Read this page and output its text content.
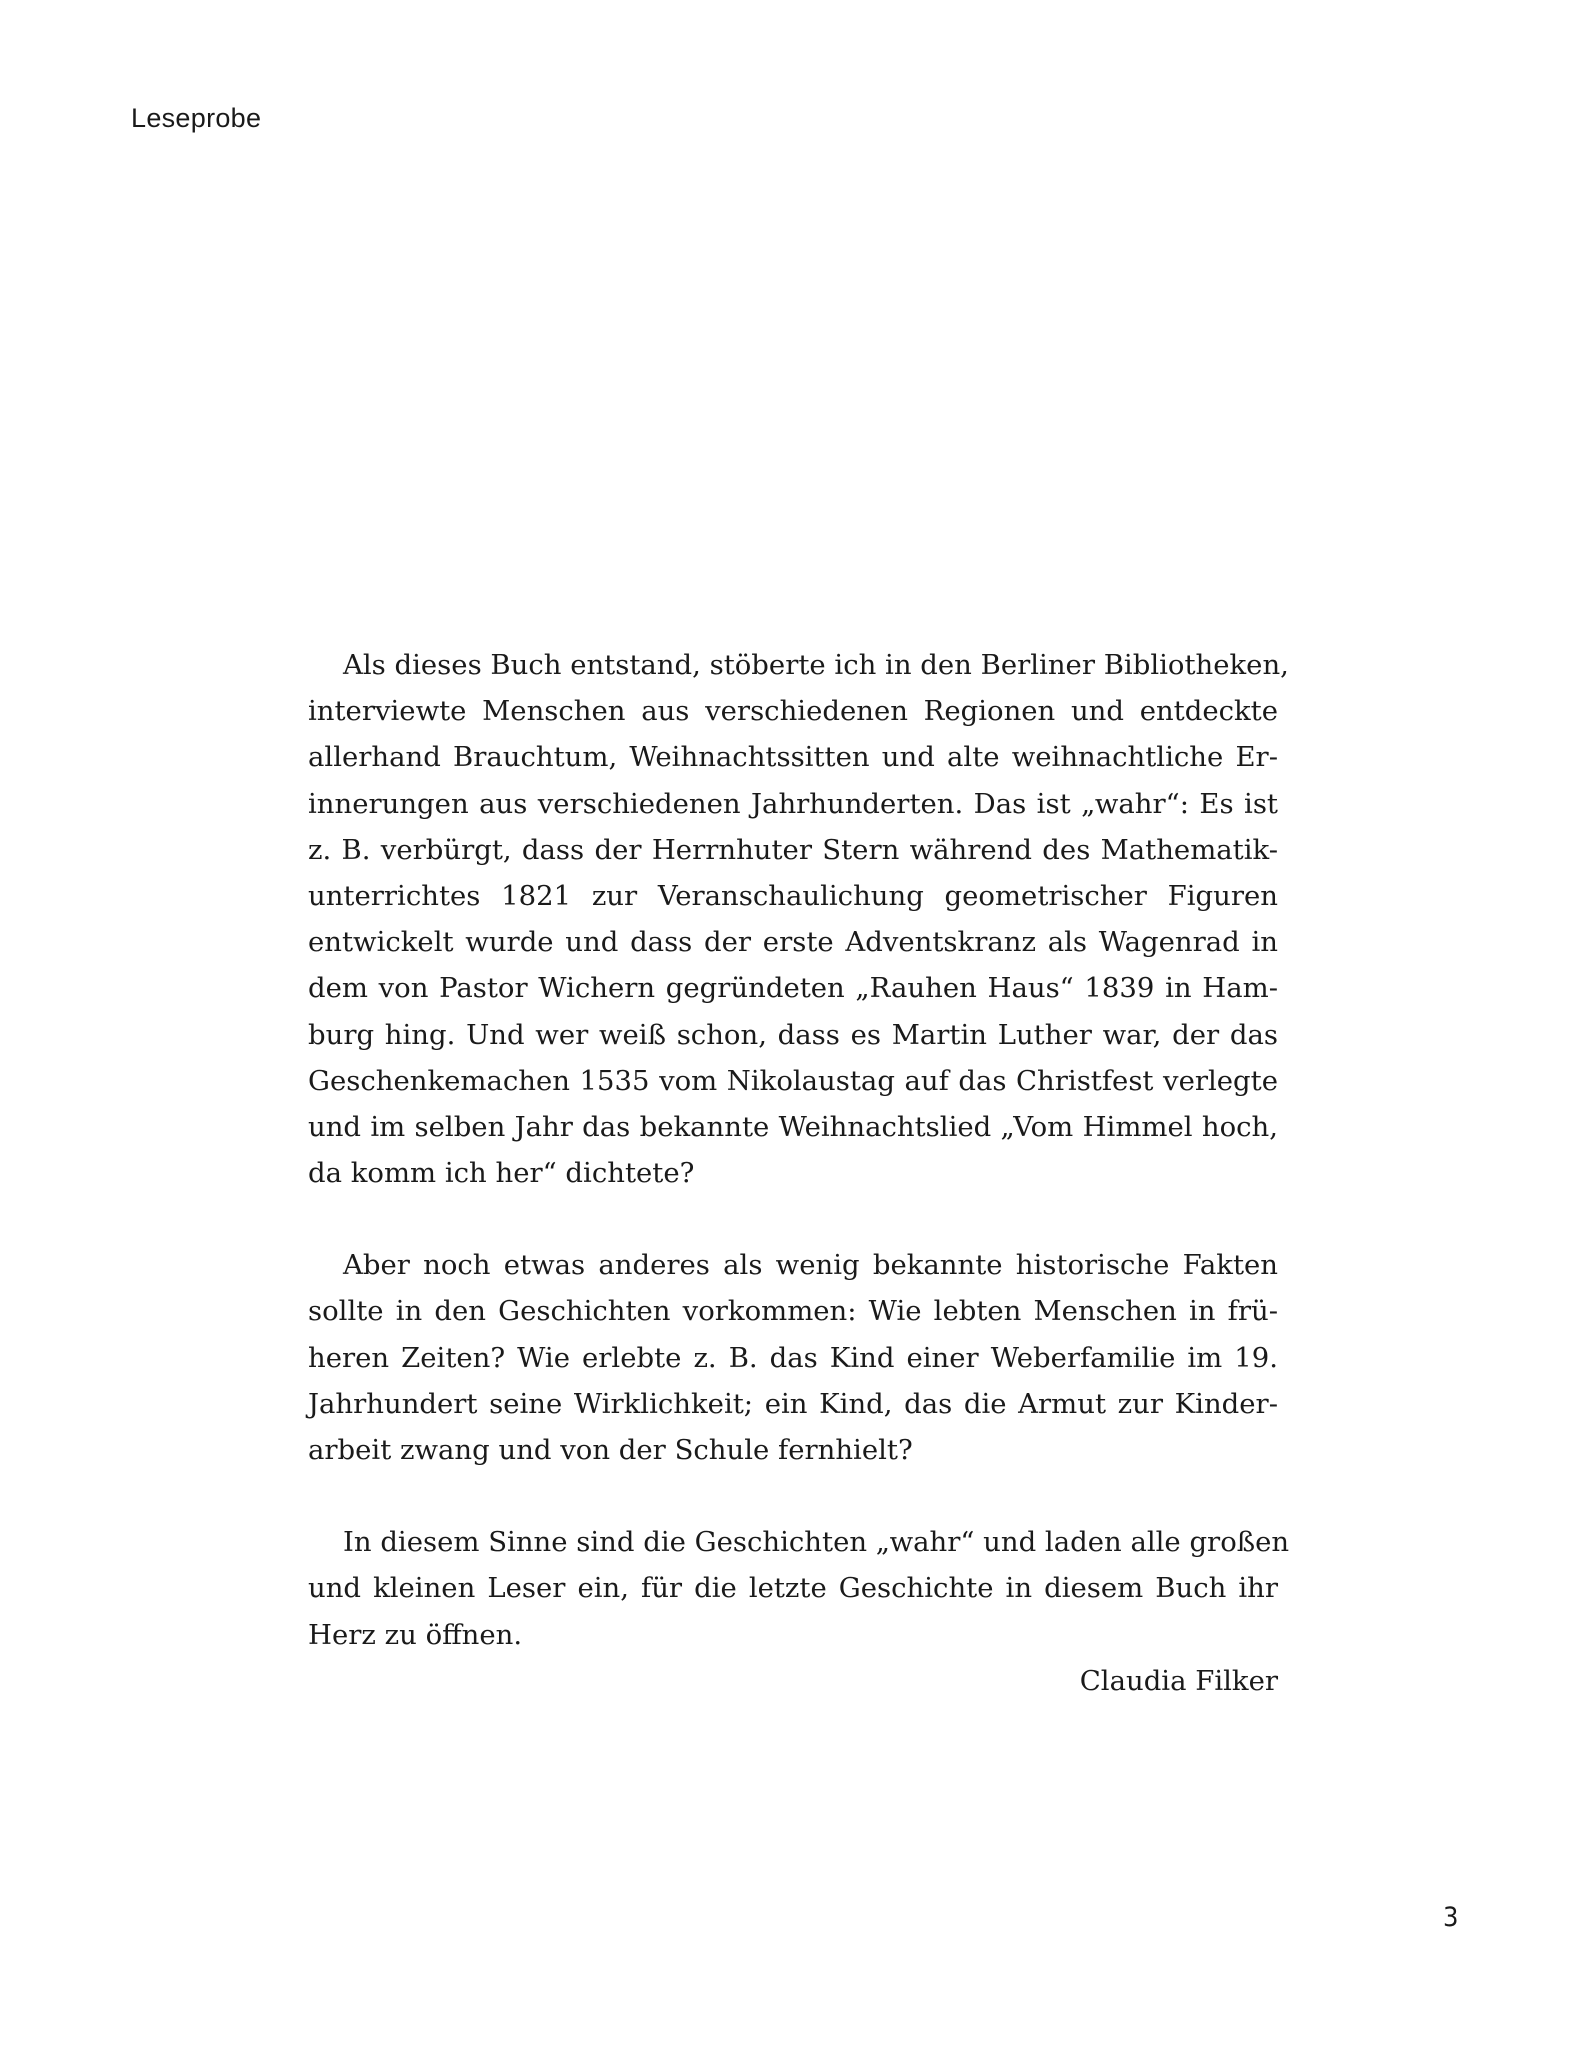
Leseprobe
Als dieses Buch entstand, stöberte ich in den Berliner Bibliotheken,
interviewte Menschen aus verschiedenen Regionen und entdeckte
allerhand Brauchtum, Weihnachtssitten und alte weihnachtliche Er-
innerungen aus verschiedenen Jahrhunderten. Das ist „wahr“: Es ist
z. B. verbürgt, dass der Herrnhuter Stern während des Mathematik-
unterrichtes 1821 zur Veranschaulichung geometrischer Figuren
entwickelt wurde und dass der erste Adventskranz als Wagenrad in
dem von Pastor Wichern gegründeten „Rauhen Haus“ 1839 in Ham-
burg hing. Und wer weiß schon, dass es Martin Luther war, der das
Geschenkemachen 1535 vom Nikolaustag auf das Christfest verlegte
und im selben Jahr das bekannte Weihnachtslied „Vom Himmel hoch,
da komm ich her“ dichtete?
Aber noch etwas anderes als wenig bekannte historische Fakten
sollte in den Geschichten vorkommen: Wie lebten Menschen in frü-
heren Zeiten? Wie erlebte z. B. das Kind einer Weberfamilie im 19.
Jahrhundert seine Wirklichkeit; ein Kind, das die Armut zur Kinder-
arbeit zwang und von der Schule fernhielt?
In diesem Sinne sind die Geschichten „wahr“ und laden alle großen
und kleinen Leser ein, für die letzte Geschichte in diesem Buch ihr
Herz zu öffnen.
Claudia Filker
3
